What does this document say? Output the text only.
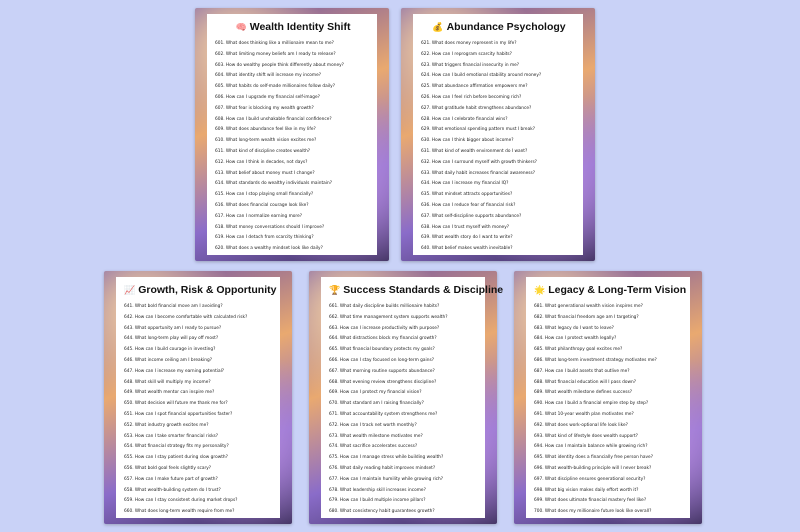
🧠 Wealth Identity Shift
601. What does thinking like a millionaire mean to me?
602. What limiting money beliefs am I ready to release?
603. How do wealthy people think differently about money?
604. What identity shift will increase my income?
605. What habits do self-made millionaires follow daily?
606. How can I upgrade my financial self-image?
607. What fear is blocking my wealth growth?
608. How can I build unshakable financial confidence?
609. What does abundance feel like in my life?
610. What long-term wealth vision excites me?
611. What kind of discipline creates wealth?
612. How can I think in decades, not days?
613. What belief about money must I change?
614. What standards do wealthy individuals maintain?
615. How can I stop playing small financially?
616. What does financial courage look like?
617. How can I normalize earning more?
618. What money conversations should I improve?
619. How can I detach from scarcity thinking?
620. What does a wealthy mindset look like daily?
💰 Abundance Psychology
621. What does money represent in my life?
622. How can I reprogram scarcity habits?
623. What triggers financial insecurity in me?
624. How can I build emotional stability around money?
625. What abundance affirmation empowers me?
626. How can I feel rich before becoming rich?
627. What gratitude habit strengthens abundance?
628. How can I celebrate financial wins?
629. What emotional spending pattern must I break?
630. How can I think bigger about income?
631. What kind of wealth environment do I want?
632. How can I surround myself with growth thinkers?
633. What daily habit increases financial awareness?
634. How can I increase my financial IQ?
635. What mindset attracts opportunities?
636. How can I reduce fear of financial risk?
637. What self-discipline supports abundance?
638. How can I trust myself with money?
639. What wealth story do I want to write?
640. What belief makes wealth inevitable?
📈 Growth, Risk & Opportunity
641. What bold financial move am I avoiding?
642. How can I become comfortable with calculated risk?
643. What opportunity am I ready to pursue?
644. What long-term play will pay off most?
645. How can I build courage in investing?
646. What income ceiling am I breaking?
647. How can I increase my earning potential?
648. What skill will multiply my income?
649. What wealth mentor can inspire me?
650. What decision will future me thank me for?
651. How can I spot financial opportunities faster?
652. What industry growth excites me?
653. How can I take smarter financial risks?
654. What financial strategy fits my personality?
655. How can I stay patient during slow growth?
656. What bold goal feels slightly scary?
657. How can I make future part of growth?
658. What wealth-building system do I trust?
659. How can I stay consistent during market drops?
660. What does long-term wealth require from me?
🏆 Success Standards & Discipline
661. What daily discipline builds millionaire habits?
662. What time management system supports wealth?
663. How can I increase productivity with purpose?
664. What distractions block my financial growth?
665. What financial boundary protects my goals?
666. How can I stay focused on long-term gains?
667. What morning routine supports abundance?
668. What evening review strengthens discipline?
669. How can I protect my financial vision?
670. What standard am I raising financially?
671. What accountability system strengthens me?
672. How can I track net worth monthly?
673. What wealth milestone motivates me?
674. What sacrifice accelerates success?
675. How can I manage stress while building wealth?
676. What daily reading habit improves mindset?
677. How can I maintain humility while growing rich?
678. What leadership skill increases income?
679. How can I build multiple income pillars?
680. What consistency habit guarantees growth?
🌟 Legacy & Long-Term Vision
681. What generational wealth vision inspires me?
682. What financial freedom age am I targeting?
683. What legacy do I want to leave?
684. How can I protect wealth legally?
685. What philanthropy goal excites me?
686. What long-term investment strategy motivates me?
687. How can I build assets that outlive me?
688. What financial education will I pass down?
689. What wealth milestone defines success?
690. How can I build a financial empire step by step?
691. What 10-year wealth plan motivates me?
692. What does work-optional life look like?
693. What kind of lifestyle does wealth support?
694. How can I maintain balance while growing rich?
695. What identity does a financially free person have?
696. What wealth-building principle will I never break?
697. What discipline ensures generational security?
698. What big vision makes daily effort worth it?
699. What does ultimate financial mastery feel like?
700. What does my millionaire future look like overall?
